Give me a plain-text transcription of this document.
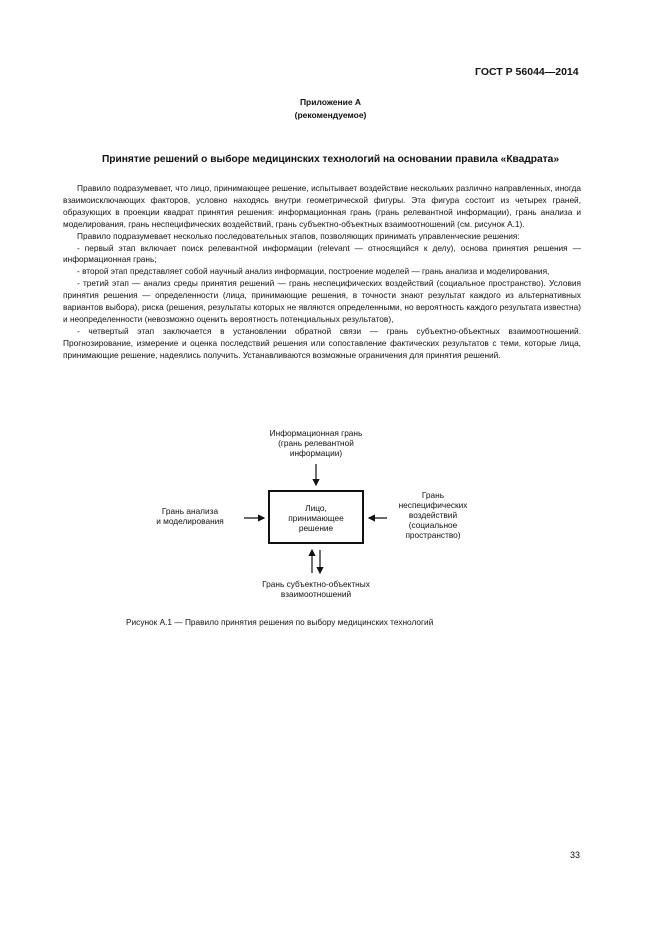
ГОСТ Р 56044—2014
Приложение А
(рекомендуемое)
Принятие решений о выборе медицинских технологий на основании правила «Квадрата»

Правило подразумевает, что лицо, принимающее решение, испытывает воздействие нескольких различно направленных, иногда взаимоисключающих факторов, условно находясь внутри геометрической фигуры. Эта фигура состоит из четырех граней, образующих в проекции квадрат принятия решения: информационная грань (грань релевантной информации), грань анализа и моделирования, грань неспецифических воздействий, грань субъектно-объектных взаимоотношений (см. рисунок А.1).

Правило подразумевает несколько последовательных этапов, позволяющих принимать управленческие решения:

- первый этап включает поиск релевантной информации (relevant — относящийся к делу), основа принятия решения — информационная грань;

- второй этап представляет собой научный анализ информации, построение моделей — грань анализа и моделирования,

- третий этап — анализ среды принятия решений — грань неспецифических воздействий (социальное пространство). Условия принятия решения — определенности (лица, принимающие решения, в точности знают результат каждого из альтернативных вариантов выбора), риска (решения, результаты которых не являются определенными, но вероятность каждого результата известна) и неопределенности (невозможно оценить вероятность потенциальных результатов),

- четвертый этап заключается в установлении обратной связи — грань субъектно-объектных взаимоотношений. Прогнозирование, измерение и оценка последствий решения или сопоставление фактических результатов с теми, которые лица, принимающие решение, надеялись получить. Устанавливаются возможные ограничения для принятия решений.

Информационная грань
(грань релевантной
информации)
Грань анализа
и моделирования
Грань
неспецифических
воздействий
(социальное
пространство)
Лицо,
принимающее
решение
Грань субъектно-объектных
взаимоотношений
Рисунок А.1 — Правило принятия решения по выбору медицинских технологий
33
